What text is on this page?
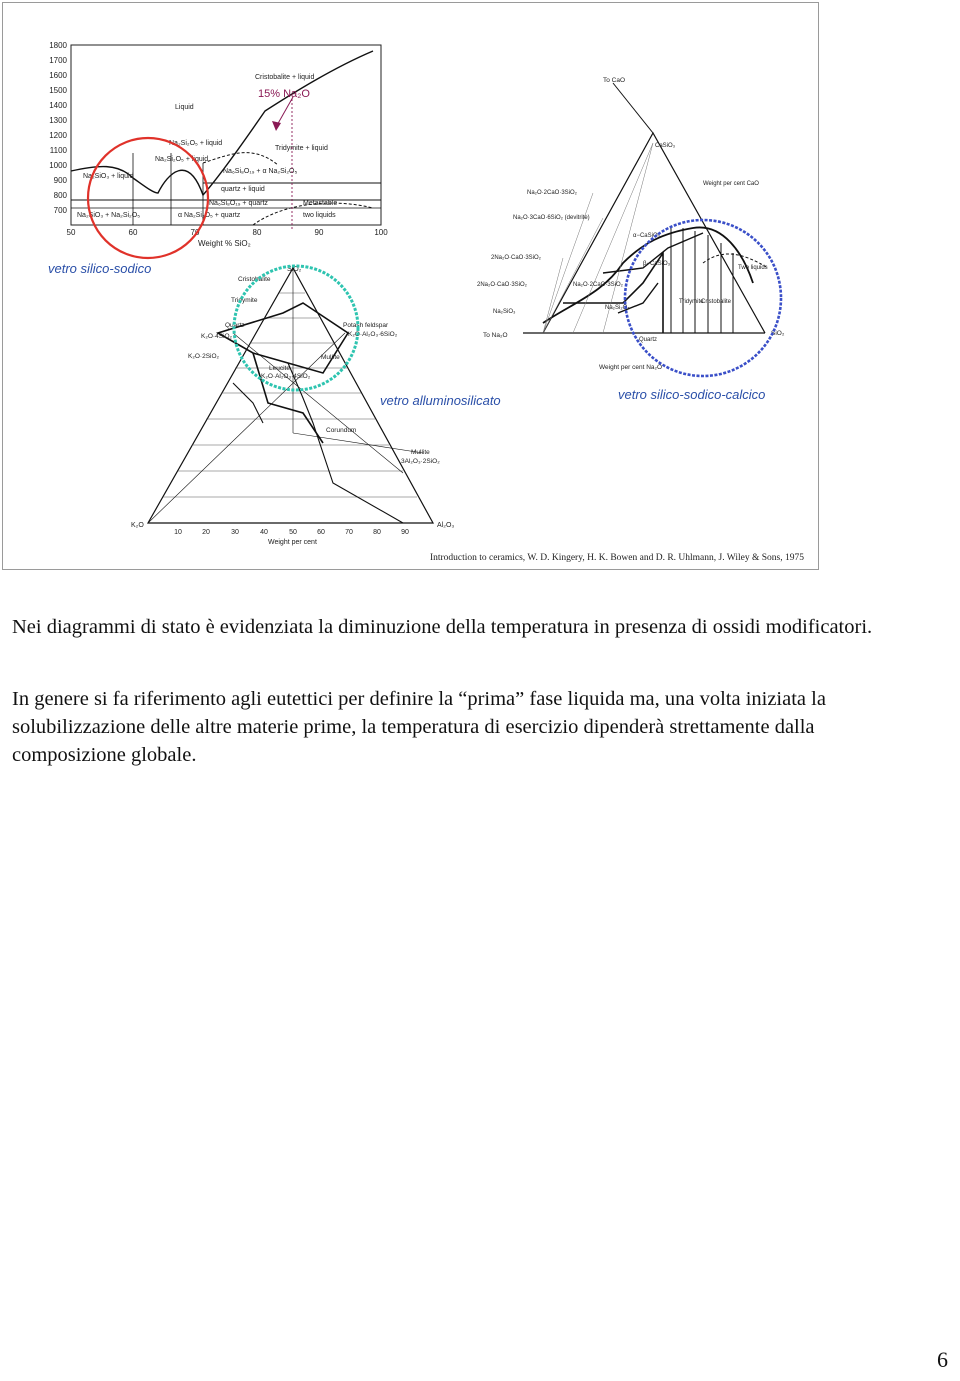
1800
1700
1600
1500
1400
1300
1200
1100
1000
900
800
700
50	60	70	80	90	100
Weight % SiO₂
Cristobalite + liquid
Liquid
Tridymite + liquid
Na₂Si₂O₅ + liquid
Na₂Si₂O₅ + liquid
Na₂SiO₃ + liquid
Na₆Si₈O₁₉ + α Na₂Si₂O₅
quartz + liquid
Na₆Si₈O₁₉ + quartz	Metastable
two liquids
Na₂SiO₃ + Na₂Si₂O₅	α Na₂Si₂O₅ + quartz
15% Na₂O
vetro silico-sodico
K₂O
SiO₂
Al₂O₃
10	20	30	40	50	60	70	80	90
Weight per cent
Cristobalite
Tridymite
Quartz	Potash feldspar
K₂O·Al₂O₃·6SiO₂
K₂O·4SiO₂
K₂O·2SiO₂
Leucite
K₂O·Al₂O₃·4SiO₂
Mullite
Corundum
Mullite
3Al₂O₃·2SiO₂
vetro alluminosilicato
To CaO
To Na₂O	SiO₂
Weight per cent Na₂O
CaSiO₃
Na₂O·2CaO·3SiO₂
Na₂O·3CaO·6SiO₂ (devitrite)
α−CaSiO₃
β−CaSiO₃
2Na₂O·CaO·3SiO₂
2Na₂O·CaO·3SiO₂	Na₂O·2CaO·3SiO₂
Na₂SiO₃
Na₂Si₂O₅
Tridymite
Cristobalite
Two liquids
Quartz
Weight per cent CaO
vetro silico-sodico-calcico
Introduction to ceramics, W. D. Kingery, H. K. Bowen and D. R. Uhlmann, J. Wiley & Sons, 1975

Nei diagrammi di stato è evidenziata la diminuzione della temperatura in presenza di ossidi modificatori.

In genere si fa riferimento agli eutettici per definire la “prima” fase liquida ma, una volta iniziata la solubilizzazione delle altre materie prime, la temperatura di esercizio dipenderà strettamente dalla composizione globale.

6
